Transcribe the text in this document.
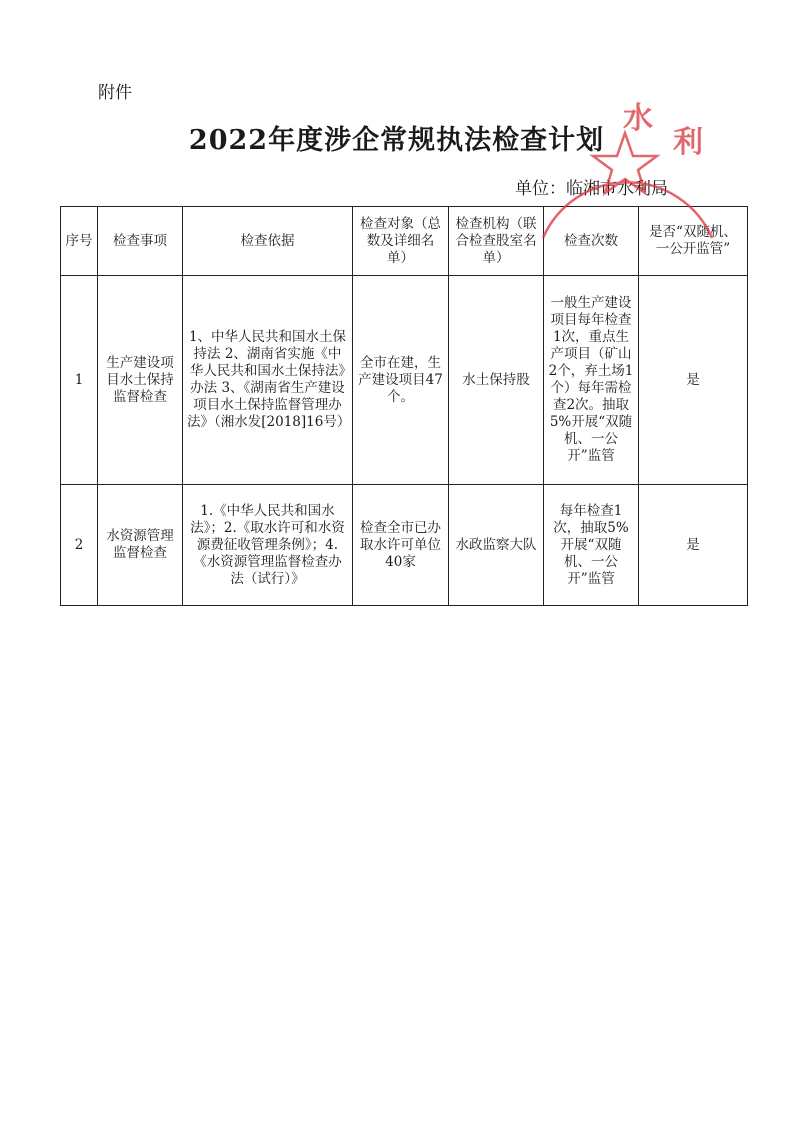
附件
2022年度涉企常规执法检查计划
单位：临湘市水利局
序号	检查事项	检查依据	检查对象（总数及详细名单）	检查机构（联合检查股室名单）	检查次数	是否“双随机、一公开监管”
1	生产建设项目水土保持监督检查	1、中华人民共和国水土保持法 2、湖南省实施《中华人民共和国水土保持法》办法 3、《湖南省生产建设项目水土保持监督管理办法》（湘水发[2018]16号）	全市在建，生产建设项目47个。	水土保持股	一般生产建设项目每年检查1次，重点生产项目（矿山2个，弃土场1个）每年需检查2次。抽取5%开展“双随机、一公开”监管	是
2	水资源管理监督检查	1.《中华人民共和国水法》；2.《取水许可和水资源费征收管理条例》；4.《水资源管理监督检查办法（试行）》	检查全市已办取水许可单位40家	水政监察大队	每年检查1次，抽取5%开展“双随机、一公开”监管	是
水
利
